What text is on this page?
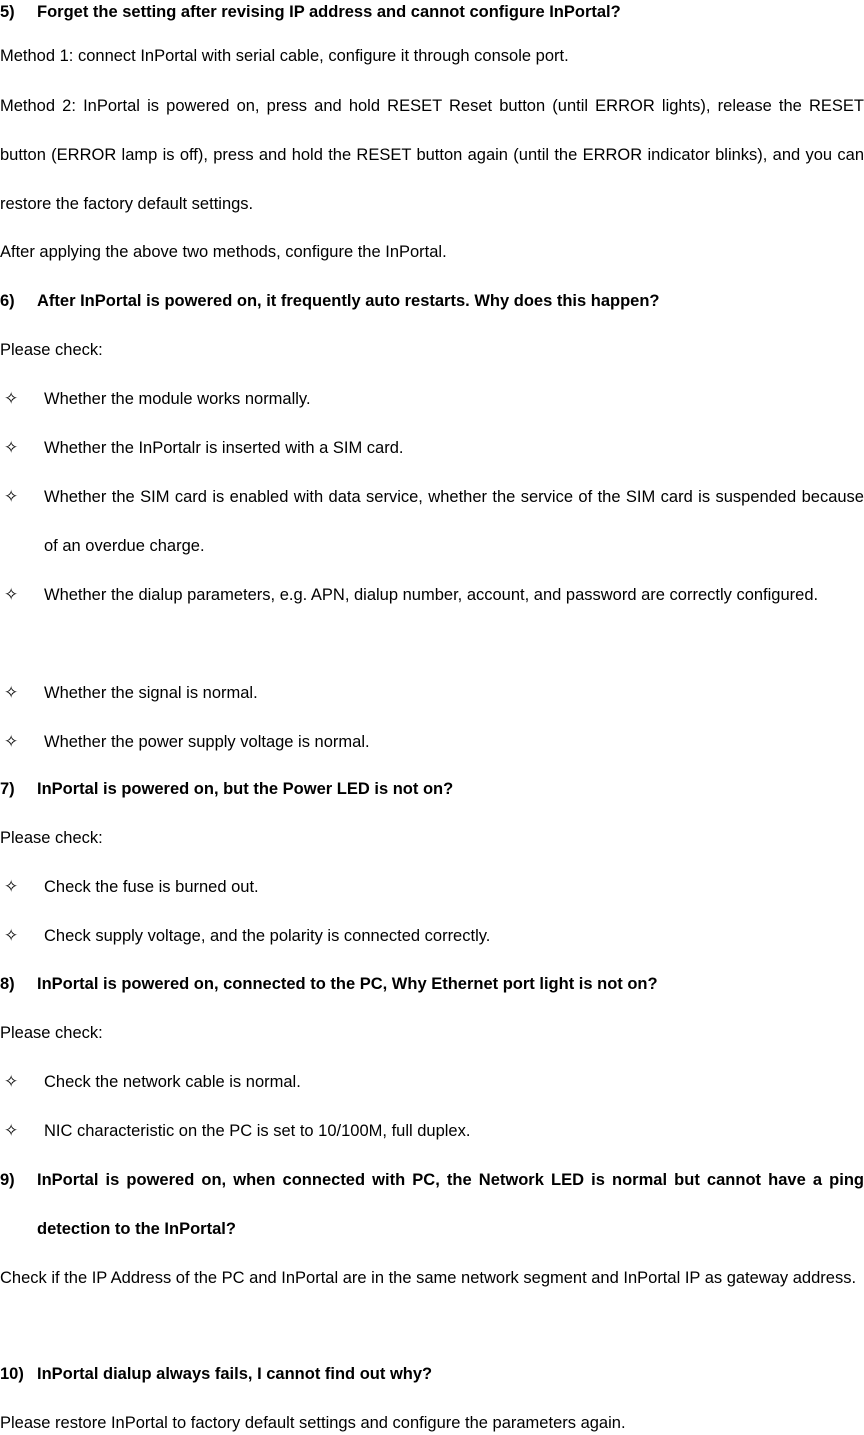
5) Forget the setting after revising IP address and cannot configure InPortal?
Method 1: connect InPortal with serial cable, configure it through console port.
Method 2: InPortal is powered on, press and hold RESET Reset button (until ERROR lights), release the RESET button (ERROR lamp is off), press and hold the RESET button again (until the ERROR indicator blinks), and you can restore the factory default settings.
After applying the above two methods, configure the InPortal.
6) After InPortal is powered on, it frequently auto restarts. Why does this happen?
Please check:
✧ Whether the module works normally.
✧ Whether the InPortalr is inserted with a SIM card.
✧ Whether the SIM card is enabled with data service, whether the service of the SIM card is suspended because of an overdue charge.
✧ Whether the dialup parameters, e.g. APN, dialup number, account, and password are correctly configured.
✧ Whether the signal is normal.
✧ Whether the power supply voltage is normal.
7) InPortal is powered on, but the Power LED is not on?
Please check:
✧ Check the fuse is burned out.
✧ Check supply voltage, and the polarity is connected correctly.
8) InPortal is powered on, connected to the PC, Why Ethernet port light is not on?
Please check:
✧ Check the network cable is normal.
✧ NIC characteristic on the PC is set to 10/100M, full duplex.
9) InPortal is powered on, when connected with PC, the Network LED is normal but cannot have a ping detection to the InPortal?
Check if the IP Address of the PC and InPortal are in the same network segment and InPortal IP as gateway address.
10) InPortal dialup always fails, I cannot find out why?
Please restore InPortal to factory default settings and configure the parameters again.
